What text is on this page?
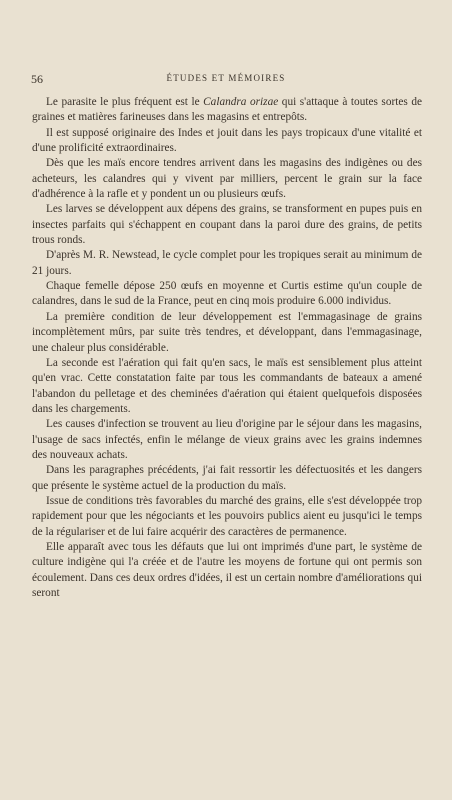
56	ÉTUDES ET MÉMOIRES

Le parasite le plus fréquent est le Calandra orizae qui s'attaque à toutes sortes de graines et matières farineuses dans les magasins et entrepôts.

Il est supposé originaire des Indes et jouit dans les pays tropicaux d'une vitalité et d'une prolificité extraordinaires.

Dès que les maïs encore tendres arrivent dans les magasins des indigènes ou des acheteurs, les calandres qui y vivent par milliers, percent le grain sur la face d'adhérence à la rafle et y pondent un ou plusieurs œufs.

Les larves se développent aux dépens des grains, se transforment en pupes puis en insectes parfaits qui s'échappent en coupant dans la paroi dure des grains, de petits trous ronds.

D'après M. R. Newstead, le cycle complet pour les tropiques serait au minimum de 21 jours.

Chaque femelle dépose 250 œufs en moyenne et Curtis estime qu'un couple de calandres, dans le sud de la France, peut en cinq mois produire 6.000 individus.

La première condition de leur développement est l'emmagasinage de grains incomplètement mûrs, par suite très tendres, et développant, dans l'emmagasinage, une chaleur plus considérable.

La seconde est l'aération qui fait qu'en sacs, le maïs est sensiblement plus atteint qu'en vrac. Cette constatation faite par tous les commandants de bateaux a amené l'abandon du pelletage et des cheminées d'aération qui étaient quelquefois disposées dans les chargements.

Les causes d'infection se trouvent au lieu d'origine par le séjour dans les magasins, l'usage de sacs infectés, enfin le mélange de vieux grains avec les grains indemnes des nouveaux achats.

Dans les paragraphes précédents, j'ai fait ressortir les défectuosités et les dangers que présente le système actuel de la production du maïs.

Issue de conditions très favorables du marché des grains, elle s'est développée trop rapidement pour que les négociants et les pouvoirs publics aient eu jusqu'ici le temps de la régulariser et de lui faire acquérir des caractères de permanence.

Elle apparaît avec tous les défauts que lui ont imprimés d'une part, le système de culture indigène qui l'a créée et de l'autre les moyens de fortune qui ont permis son écoulement. Dans ces deux ordres d'idées, il est un certain nombre d'améliorations qui seront
